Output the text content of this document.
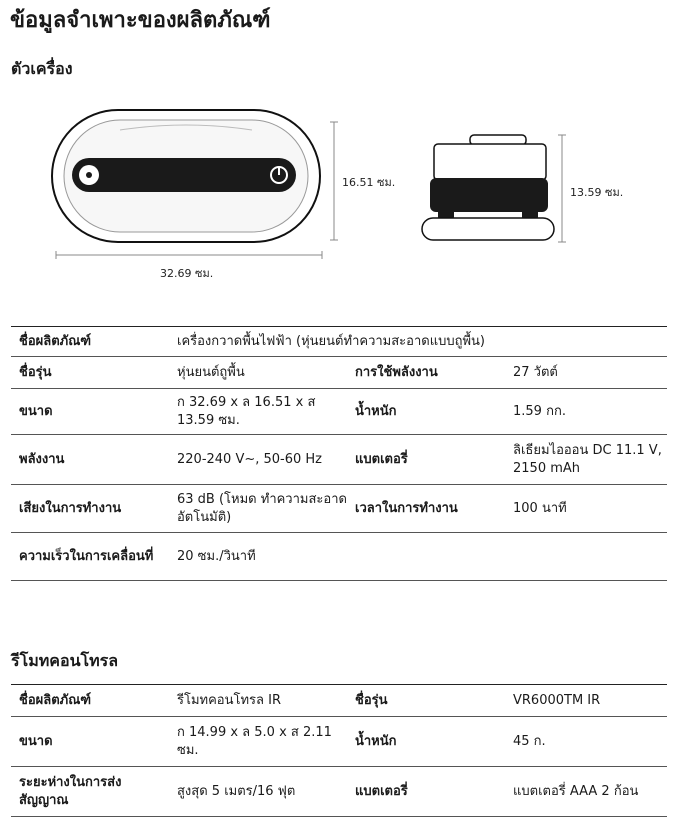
ข้อมูลจำเพาะของผลิตภัณฑ์
ตัวเครื่อง
16.51 ซม.
32.69 ซม.
13.59 ซม.
ชื่อผลิตภัณฑ์	เครื่องกวาดพื้นไฟฟ้า (หุ่นยนต์ทำความสะอาดแบบถูพื้น)		
ชื่อรุ่น	หุ่นยนต์ถูพื้น	การใช้พลังงาน	27 วัตต์
ขนาด	ก 32.69 x ล 16.51 x ส 13.59 ซม.	น้ำหนัก	1.59 กก.
พลังงาน	220-240 V~, 50-60 Hz	แบตเตอรี่	ลิเธียมไอออน DC 11.1 V, 2150 mAh
เสียงในการทำงาน	63 dB (โหมด ทำความสะอาดอัตโนมัติ)	เวลาในการทำงาน	100 นาที
ความเร็วในการเคลื่อนที่	20 ซม./วินาที		
รีโมทคอนโทรล
ชื่อผลิตภัณฑ์	รีโมทคอนโทรล IR	ชื่อรุ่น	VR6000TM IR
ขนาด	ก 14.99 x ล 5.0 x ส 2.11 ซม.	น้ำหนัก	45 ก.
ระยะห่างในการส่งสัญญาณ	สูงสุด 5 เมตร/16 ฟุต	แบตเตอรี่	แบตเตอรี่ AAA 2 ก้อน
